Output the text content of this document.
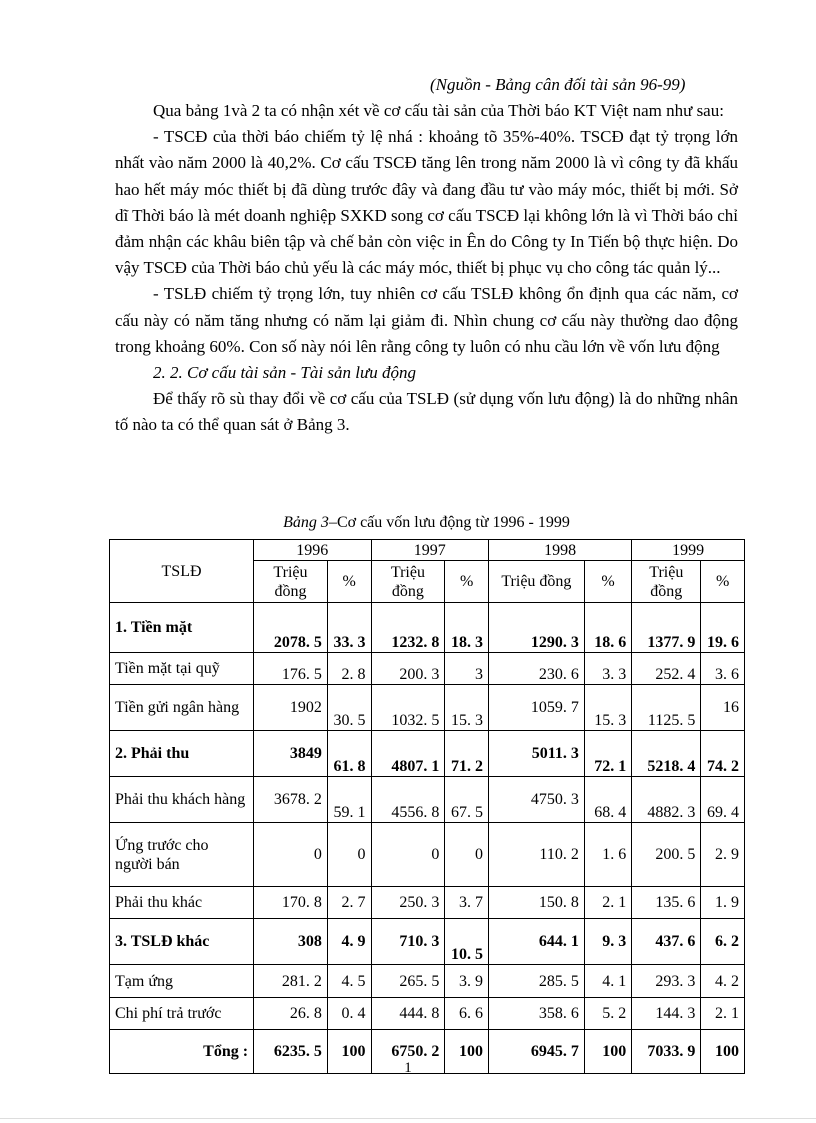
(Nguồn - Bảng cân đối tài sản 96-99)

Qua bảng 1và 2 ta có nhận xét về cơ cấu tài sản của Thời báo KT Việt nam như sau:

- TSCĐ của thời báo chiếm tỷ lệ nhá : khoảng tõ 35%-40%. TSCĐ đạt tỷ trọng lớn nhất vào năm 2000 là 40,2%. Cơ cấu TSCĐ tăng lên trong năm 2000 là vì công ty đã khấu hao hết máy móc thiết bị đã dùng trước đây và đang đầu tư vào máy móc, thiết bị mới. Sở dĩ Thời báo là mét doanh nghiệp SXKD song cơ cấu TSCĐ lại không lớn là vì Thời báo chỉ đảm nhận các khâu biên tập và chế bản còn việc in Ên do Công ty In Tiến bộ thực hiện. Do vậy TSCĐ của Thời báo chủ yếu là các máy móc, thiết bị phục vụ cho công tác quản lý...

- TSLĐ chiếm tỷ trọng lớn, tuy nhiên cơ cấu TSLĐ không ổn định qua các năm, cơ cấu này có năm tăng nhưng có năm lại giảm đi. Nhìn chung cơ cấu này thường dao động trong khoảng 60%. Con số này nói lên rằng công ty luôn có nhu cầu lớn về vốn lưu động

2. 2. Cơ cấu tài sản - Tài sản lưu động

Để thấy rõ sù thay đổi về cơ cấu của TSLĐ (sử dụng vốn lưu động) là do những nhân tố nào ta có thể quan sát ở Bảng 3.

Bảng 3–Cơ cấu vốn lưu động từ 1996 - 1999
TSLĐ	1996		1997		1998		1999	
	Triệu đồng	%	Triệu đồng	%	Triệu đồng	%	Triệu đồng	%
1. Tiền mặt	2078. 5	33. 3	1232. 8	18. 3	1290. 3	18. 6	1377. 9	19. 6
Tiền mặt tại quỹ	176. 5	2. 8	200. 3	3	230. 6	3. 3	252. 4	3. 6
Tiền gửi ngân hàng	1902	30. 5	1032. 5	15. 3	1059. 7	15. 3	1125. 5	16
2. Phải thu	3849	61. 8	4807. 1	71. 2	5011. 3	72. 1	5218. 4	74. 2
Phải thu khách hàng	3678. 2	59. 1	4556. 8	67. 5	4750. 3	68. 4	4882. 3	69. 4
Ứng trước cho người bán	0	0	0	0	110. 2	1. 6	200. 5	2. 9
Phải thu khác	170. 8	2. 7	250. 3	3. 7	150. 8	2. 1	135. 6	1. 9
3. TSLĐ khác	308	4. 9	710. 3	10. 5	644. 1	9. 3	437. 6	6. 2
Tạm ứng	281. 2	4. 5	265. 5	3. 9	285. 5	4. 1	293. 3	4. 2
Chi phí trả trước	26. 8	0. 4	444. 8	6. 6	358. 6	5. 2	144. 3	2. 1
Tổng :	6235. 5	100	6750. 2	100	6945. 7	100	7033. 9	100
1
